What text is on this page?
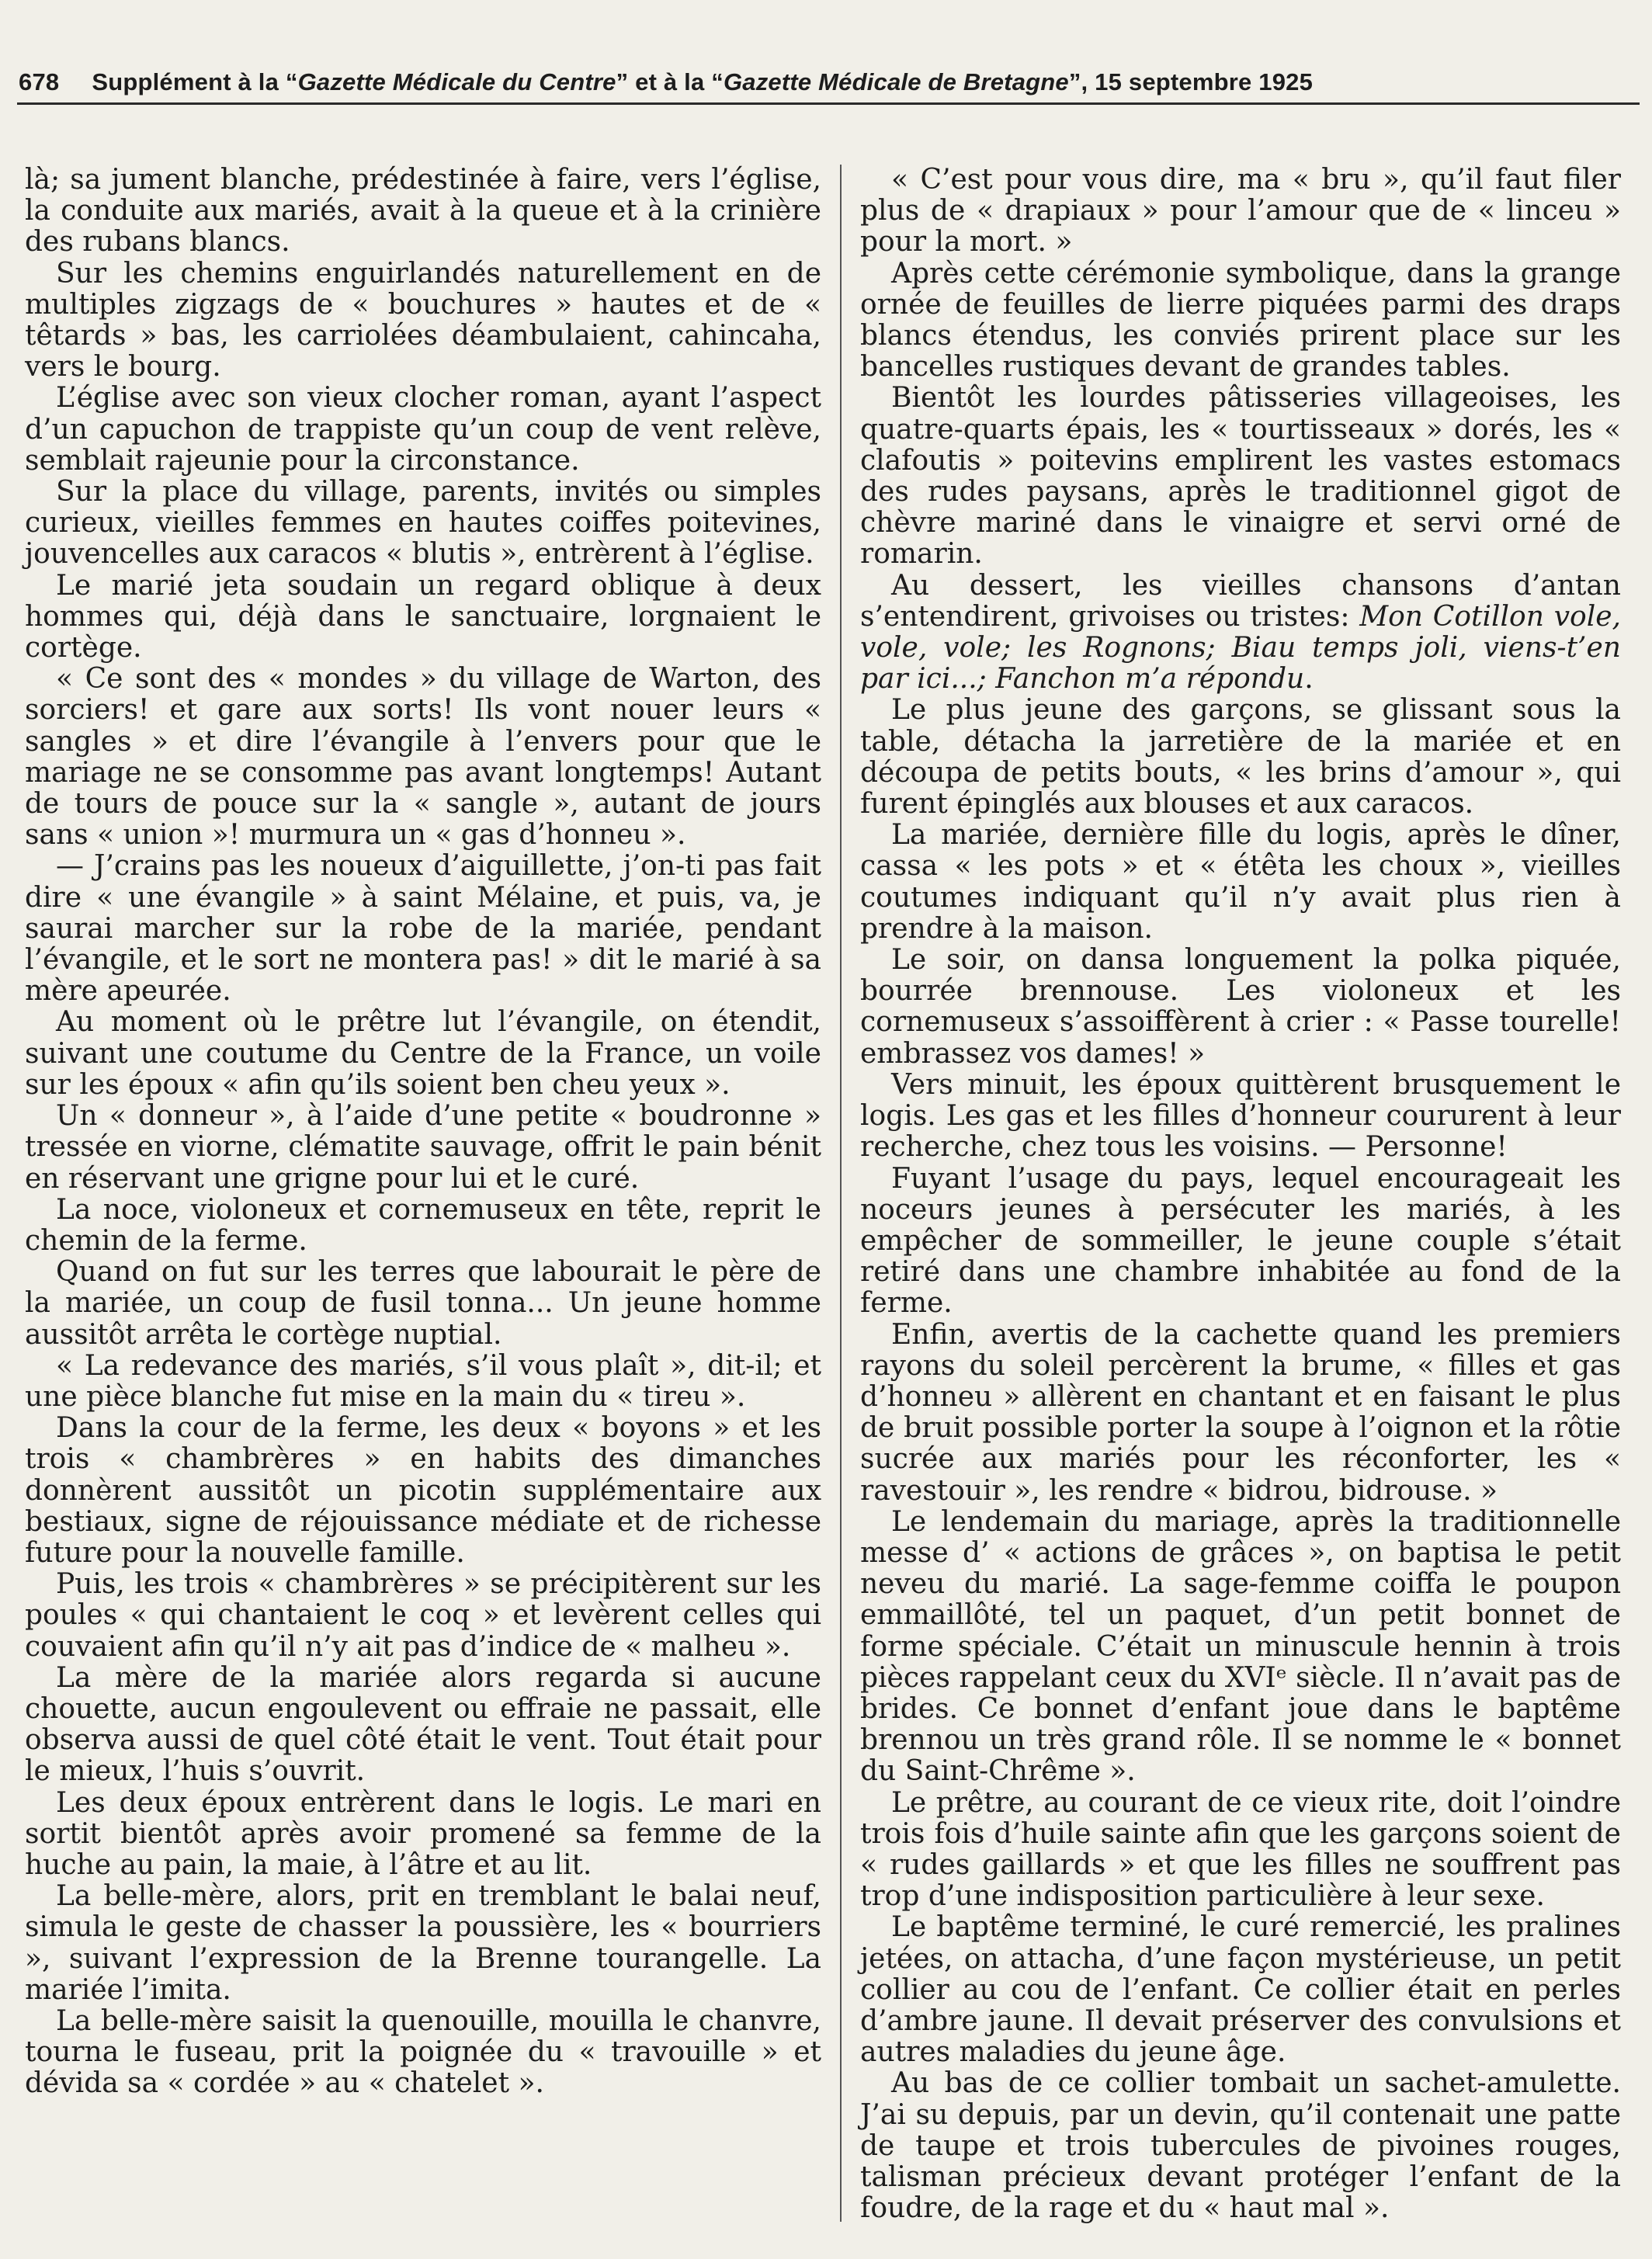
678 Supplément à la “Gazette Médicale du Centre” et à la “Gazette Médicale de Bretagne”, 15 septembre 1925

là; sa jument blanche, prédestinée à faire, vers l’église, la conduite aux mariés, avait à la queue et à la crinière des rubans blancs.

Sur les chemins enguirlandés naturellement en de multiples zigzags de « bouchures » hautes et de « têtards » bas, les carriolées déambulaient, cahincaha, vers le bourg.

L’église avec son vieux clocher roman, ayant l’aspect d’un capuchon de trappiste qu’un coup de vent relève, semblait rajeunie pour la circonstance.

Sur la place du village, parents, invités ou simples curieux, vieilles femmes en hautes coiffes poitevines, jouvencelles aux caracos « blutis », entrèrent à l’église.

Le marié jeta soudain un regard oblique à deux hommes qui, déjà dans le sanctuaire, lorgnaient le cortège.

« Ce sont des « mondes » du village de Warton, des sorciers! et gare aux sorts! Ils vont nouer leurs « sangles » et dire l’évangile à l’envers pour que le mariage ne se consomme pas avant longtemps! Autant de tours de pouce sur la « sangle », autant de jours sans « union »! murmura un « gas d’honneu ».

— J’crains pas les noueux d’aiguillette, j’on-ti pas fait dire « une évangile » à saint Mélaine, et puis, va, je saurai marcher sur la robe de la mariée, pendant l’évangile, et le sort ne montera pas! » dit le marié à sa mère apeurée.

Au moment où le prêtre lut l’évangile, on étendit, suivant une coutume du Centre de la France, un voile sur les époux « afin qu’ils soient ben cheu yeux ».

Un « donneur », à l’aide d’une petite « boudronne » tressée en viorne, clématite sauvage, offrit le pain bénit en réservant une grigne pour lui et le curé.

La noce, violoneux et cornemuseux en tête, reprit le chemin de la ferme.

Quand on fut sur les terres que labourait le père de la mariée, un coup de fusil tonna... Un jeune homme aussitôt arrêta le cortège nuptial.

« La redevance des mariés, s’il vous plaît », dit-il; et une pièce blanche fut mise en la main du « tireu ».

Dans la cour de la ferme, les deux « boyons » et les trois « chambrères » en habits des dimanches donnèrent aussitôt un picotin supplémentaire aux bestiaux, signe de réjouissance médiate et de richesse future pour la nouvelle famille.

Puis, les trois « chambrères » se précipitèrent sur les poules « qui chantaient le coq » et levèrent celles qui couvaient afin qu’il n’y ait pas d’indice de « malheu ».

La mère de la mariée alors regarda si aucune chouette, aucun engoulevent ou effraie ne passait, elle observa aussi de quel côté était le vent. Tout était pour le mieux, l’huis s’ouvrit.

Les deux époux entrèrent dans le logis. Le mari en sortit bientôt après avoir promené sa femme de la huche au pain, la maie, à l’âtre et au lit.

La belle-mère, alors, prit en tremblant le balai neuf, simula le geste de chasser la poussière, les « bourriers », suivant l’expression de la Brenne tourangelle. La mariée l’imita.

La belle-mère saisit la quenouille, mouilla le chanvre, tourna le fuseau, prit la poignée du « travouille » et dévida sa « cordée » au « chatelet ».

« C’est pour vous dire, ma « bru », qu’il faut filer plus de « drapiaux » pour l’amour que de « linceu » pour la mort. »

Après cette cérémonie symbolique, dans la grange ornée de feuilles de lierre piquées parmi des draps blancs étendus, les conviés prirent place sur les bancelles rustiques devant de grandes tables.

Bientôt les lourdes pâtisseries villageoises, les quatre-quarts épais, les « tourtisseaux » dorés, les « clafoutis » poitevins emplirent les vastes estomacs des rudes paysans, après le traditionnel gigot de chèvre mariné dans le vinaigre et servi orné de romarin.

Au dessert, les vieilles chansons d’antan s’entendirent, grivoises ou tristes: Mon Cotillon vole, vole, vole; les Rognons; Biau temps joli, viens-t’en par ici...; Fanchon m’a répondu.

Le plus jeune des garçons, se glissant sous la table, détacha la jarretière de la mariée et en découpa de petits bouts, « les brins d’amour », qui furent épinglés aux blouses et aux caracos.

La mariée, dernière fille du logis, après le dîner, cassa « les pots » et « étêta les choux », vieilles coutumes indiquant qu’il n’y avait plus rien à prendre à la maison.

Le soir, on dansa longuement la polka piquée, bourrée brennouse. Les violoneux et les cornemuseux s’assoiffèrent à crier : « Passe tourelle! embrassez vos dames! »

Vers minuit, les époux quittèrent brusquement le logis. Les gas et les filles d’honneur coururent à leur recherche, chez tous les voisins. — Personne!

Fuyant l’usage du pays, lequel encourageait les noceurs jeunes à persécuter les mariés, à les empêcher de sommeiller, le jeune couple s’était retiré dans une chambre inhabitée au fond de la ferme.

Enfin, avertis de la cachette quand les premiers rayons du soleil percèrent la brume, « filles et gas d’honneu » allèrent en chantant et en faisant le plus de bruit possible porter la soupe à l’oignon et la rôtie sucrée aux mariés pour les réconforter, les « ravestouir », les rendre « bidrou, bidrouse. »

Le lendemain du mariage, après la traditionnelle messe d’ « actions de grâces », on baptisa le petit neveu du marié. La sage-femme coiffa le poupon emmaillôté, tel un paquet, d’un petit bonnet de forme spéciale. C’était un minuscule hennin à trois pièces rappelant ceux du XVIᵉ siècle. Il n’avait pas de brides. Ce bonnet d’enfant joue dans le baptême brennou un très grand rôle. Il se nomme le « bonnet du Saint-Chrême ».

Le prêtre, au courant de ce vieux rite, doit l’oindre trois fois d’huile sainte afin que les garçons soient de « rudes gaillards » et que les filles ne souffrent pas trop d’une indisposition particulière à leur sexe.

Le baptême terminé, le curé remercié, les pralines jetées, on attacha, d’une façon mystérieuse, un petit collier au cou de l’enfant. Ce collier était en perles d’ambre jaune. Il devait préserver des convulsions et autres maladies du jeune âge.

Au bas de ce collier tombait un sachet-amulette. J’ai su depuis, par un devin, qu’il contenait une patte de taupe et trois tubercules de pivoines rouges, talisman précieux devant protéger l’enfant de la foudre, de la rage et du « haut mal ».
